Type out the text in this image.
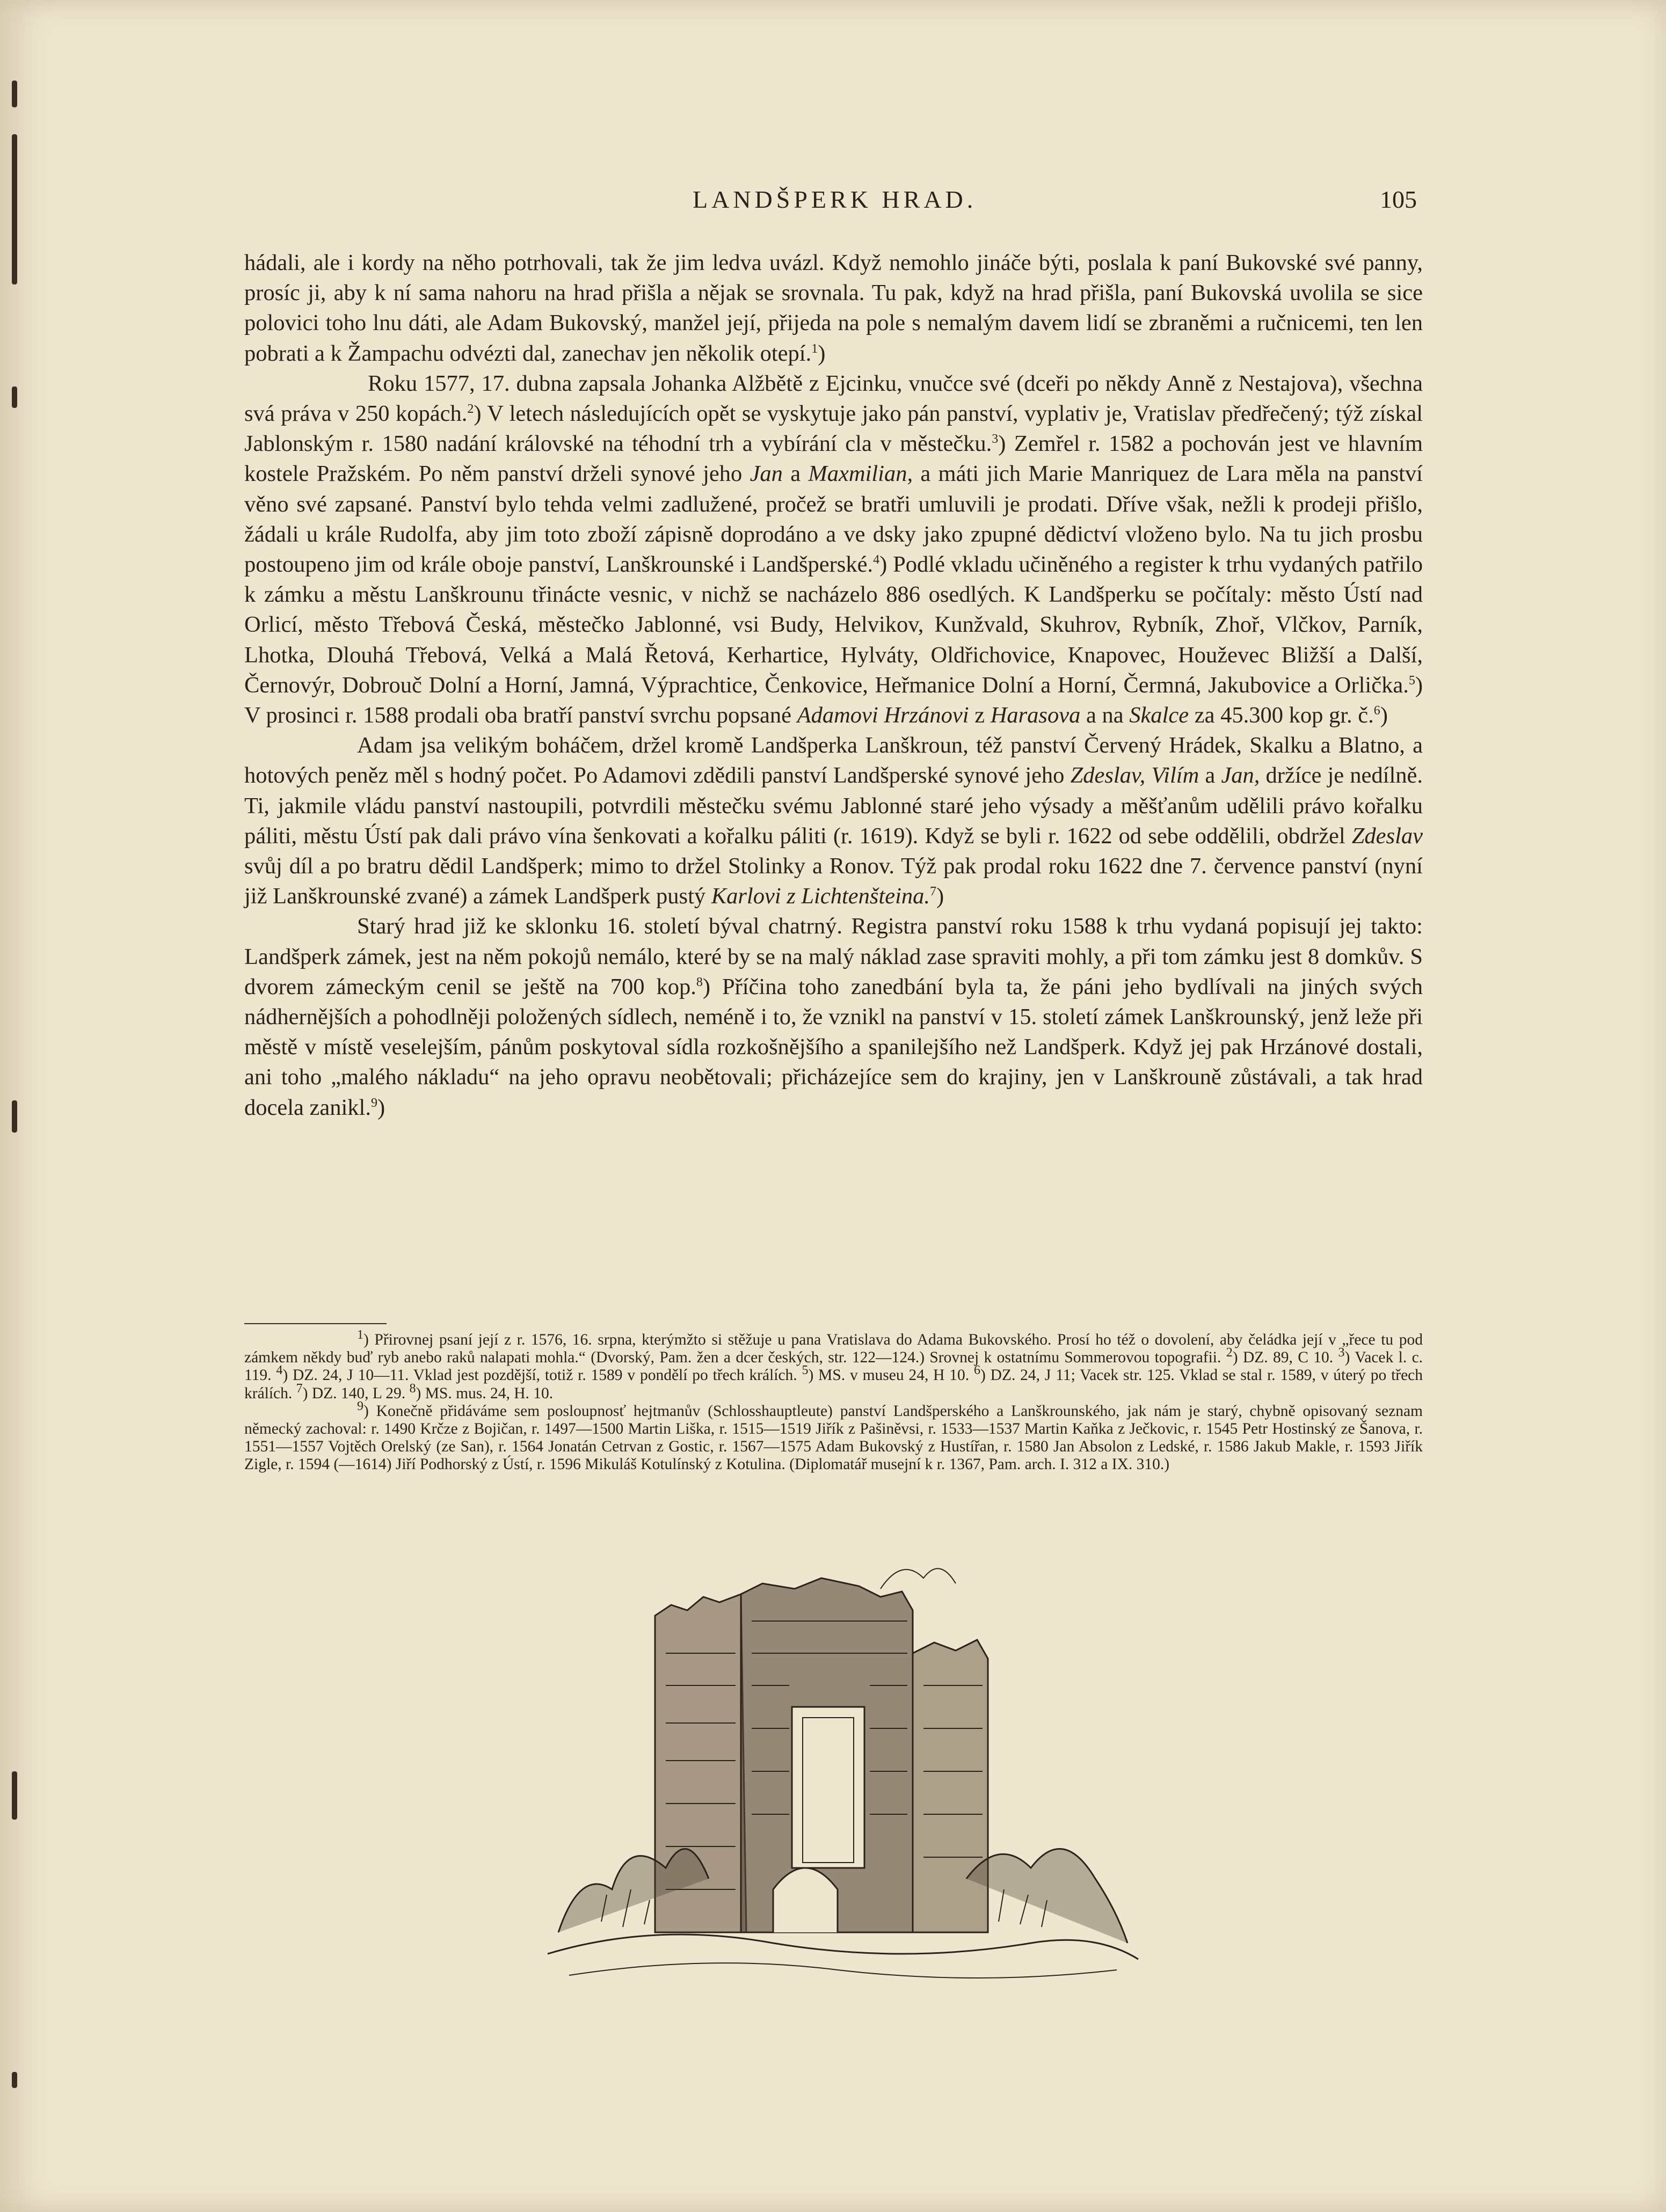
LANDŠPERK HRAD.	105

hádali, ale i kordy na něho potrhovali, tak že jim ledva uvázl. Když nemohlo jináče býti, poslala k paní Bukovské své panny, prosíc ji, aby k ní sama nahoru na hrad přišla a nějak se srovnala. Tu pak, když na hrad přišla, paní Bukovská uvolila se sice polovici toho lnu dáti, ale Adam Bukovský, manžel její, přijeda na pole s nemalým davem lidí se zbraněmi a ručnicemi, ten len pobrati a k Žampachu odvézti dal, zanechav jen několik otepí.$^1$)

Roku 1577, 17. dubna zapsala Johanka Alžbětě z Ejcinku, vnučce své (dceři po někdy Anně z Nestajova), všechna svá práva v 250 kopách.$^2$) V letech následujících opět se vyskytuje jako pán panství, vyplativ je, Vratislav předřečený; týž získal Jablonským r. 1580 nadání královské na téhodní trh a vybírání cla v městečku.$^3$) Zemřel r. 1582 a pochován jest ve hlavním kostele Pražském. Po něm panství drželi synové jeho Jan a Maxmilian, a máti jich Marie Manriquez de Lara měla na panství věno své zapsané. Panství bylo tehda velmi zadlužené, pročež se bratři umluvili je prodati. Dříve však, nežli k prodeji přišlo, žádali u krále Rudolfa, aby jim toto zboží zápisně doprodáno a ve dsky jako zpupné dědictví vloženo bylo. Na tu jich prosbu postoupeno jim od krále oboje panství, Lanškrounské i Landšperské.$^4$) Podlé vkladu učiněného a register k trhu vydaných patřilo k zámku a městu Lanškrounu třinácte vesnic, v nichž se nacházelo 886 osedlých. K Landšperku se počítaly: město Ústí nad Orlicí, město Třebová Česká, městečko Jablonné, vsi Budy, Helvikov, Kunžvald, Skuhrov, Rybník, Zhoř, Vlčkov, Parník, Lhotka, Dlouhá Třebová, Velká a Malá Řetová, Kerhartice, Hylváty, Oldřichovice, Knapovec, Houževec Bližší a Další, Černovýr, Dobrouč Dolní a Horní, Jamná, Výprachtice, Čenkovice, Heřmanice Dolní a Horní, Čermná, Jakubovice a Orlička.$^5$) V prosinci r. 1588 prodali oba bratří panství svrchu popsané Adamovi Hrzánovi z Harasova a na Skalce za 45.300 kop gr. č.$^6$)

Adam jsa velikým boháčem, držel kromě Landšperka Lanškroun, též panství Červený Hrádek, Skalku a Blatno, a hotových peněz měl s hodný počet. Po Adamovi zdědili panství Landšperské synové jeho Zdeslav, Vilím a Jan, držíce je nedílně. Ti, jakmile vládu panství nastoupili, potvrdili městečku svému Jablonné staré jeho výsady a měšťanům udělili právo kořalku páliti, městu Ústí pak dali právo vína šenkovati a kořalku páliti (r. 1619). Když se byli r. 1622 od sebe oddělili, obdržel Zdeslav svůj díl a po bratru dědil Landšperk; mimo to držel Stolinky a Ronov. Týž pak prodal roku 1622 dne 7. července panství (nyní již Lanškrounské zvané) a zámek Landšperk pustý Karlovi z Lichtenšteina.$^7$)

Starý hrad již ke sklonku 16. století býval chatrný. Registra panství roku 1588 k trhu vydaná popisují jej takto: Landšperk zámek, jest na něm pokojů nemálo, které by se na malý náklad zase spraviti mohly, a při tom zámku jest 8 domkův. S dvorem zámeckým cenil se ještě na 700 kop.$^8$) Příčina toho zanedbání byla ta, že páni jeho bydlívali na jiných svých nádhernějších a pohodlněji položených sídlech, neméně i to, že vznikl na panství v 15. století zámek Lanškrounský, jenž leže při městě v místě veselejším, pánům poskytoval sídla rozkošnějšího a spanilejšího než Landšperk. Když jej pak Hrzánové dostali, ani toho „malého nákladu“ na jeho opravu neobětovali; přicházejíce sem do krajiny, jen v Lanškrouně zůstávali, a tak hrad docela zanikl.$^9$)

$^1$) Přirovnej psaní její z r. 1576, 16. srpna, kterýmžto si stěžuje u pana Vratislava do Adama Bukovského. Prosí ho též o dovolení, aby čeládka její v „řece tu pod zámkem někdy buď ryb anebo raků nalapati mohla.“ (Dvorský, Pam. žen a dcer českých, str. 122—124.) Srovnej k ostatnímu Sommerovou topografii. $^2$) DZ. 89, C 10. $^3$) Vacek l. c. 119. $^4$) DZ. 24, J 10—11. Vklad jest pozdější, totiž r. 1589 v pondělí po třech králích. $^5$) MS. v museu 24, H 10. $^6$) DZ. 24, J 11; Vacek str. 125. Vklad se stal r. 1589, v úterý po třech králích. $^7$) DZ. 140, L 29. $^8$) MS. mus. 24, H. 10.

$^9$) Konečně přidáváme sem posloupnosť hejtmanův (Schlosshauptleute) panství Landšperského a Lanškrounského, jak nám je starý, chybně opisovaný seznam německý zachoval: r. 1490 Krčze z Bojičan, r. 1497—1500 Martin Liška, r. 1515—1519 Jiřík z Pašiněvsi, r. 1533—1537 Martin Kaňka z Ječkovic, r. 1545 Petr Hostinský ze Šanova, r. 1551—1557 Vojtěch Orelský (ze San), r. 1564 Jonatán Cetrvan z Gostic, r. 1567—1575 Adam Bukovský z Hustířan, r. 1580 Jan Absolon z Ledské, r. 1586 Jakub Makle, r. 1593 Jiřík Zigle, r. 1594 (—1614) Jiří Podhorský z Ústí, r. 1596 Mikuláš Kotulínský z Kotulina. (Diplomatář musejní k r. 1367, Pam. arch. I. 312 a IX. 310.)
